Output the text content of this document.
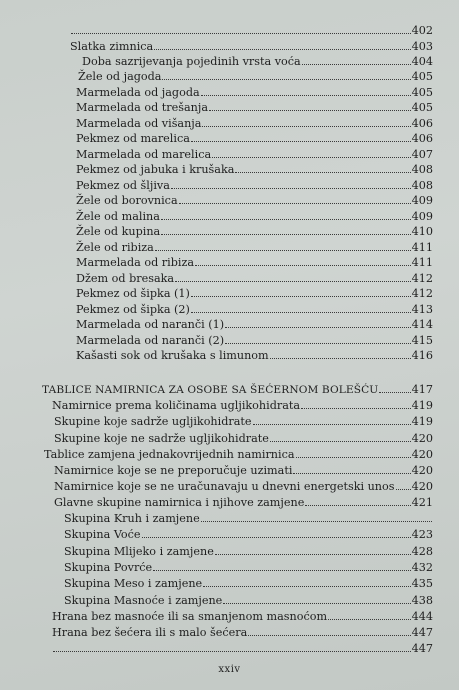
402
Slatka zimnica	403
Doba sazrijevanja pojedinih vrsta voća	404
Žele od jagoda	405
Marmelada od jagoda	405
Marmelada od trešanja	405
Marmelada od višanja	406
Pekmez od marelica	406
Marmelada od marelica	407
Pekmez od jabuka i krušaka	408
Pekmez od šljiva	408
Žele od borovnica	409
Žele od malina	409
Žele od kupina	410
Žele od ribiza	411
Marmelada od ribiza	411
Džem od bresaka	412
Pekmez od šipka (1)	412
Pekmez od šipka (2)	413
Marmelada od naranči (1)	414
Marmelada od naranči (2)	415
Kašasti sok od krušaka s limunom	416
TABLICE NAMIRNICA ZA OSOBE SA ŠEĆERNOM BOLEŠĆU	417
Namirnice prema količinama ugljikohidrata	419
Skupine koje sadrže ugljikohidrate	419
Skupine koje ne sadrže ugljikohidrate	420
Tablice zamjena jednakovrijednih namirnica	420
Namirnice koje se ne preporučuje uzimati	420
Namirnice koje se ne uračunavaju u dnevni energetski unos 420
Glavne skupine namirnica i njihove zamjene	421
Skupina Kruh i zamjene
Skupina Voće	423
Skupina Mlijeko i zamjene	428
Skupina Povrće	432
Skupina Meso i zamjene	435
Skupina Masnoće i zamjene	438
Hrana bez masnoće ili sa smanjenom masnoćom	444
Hrana bez šećera ili s malo šećera	447
447
xxiv
